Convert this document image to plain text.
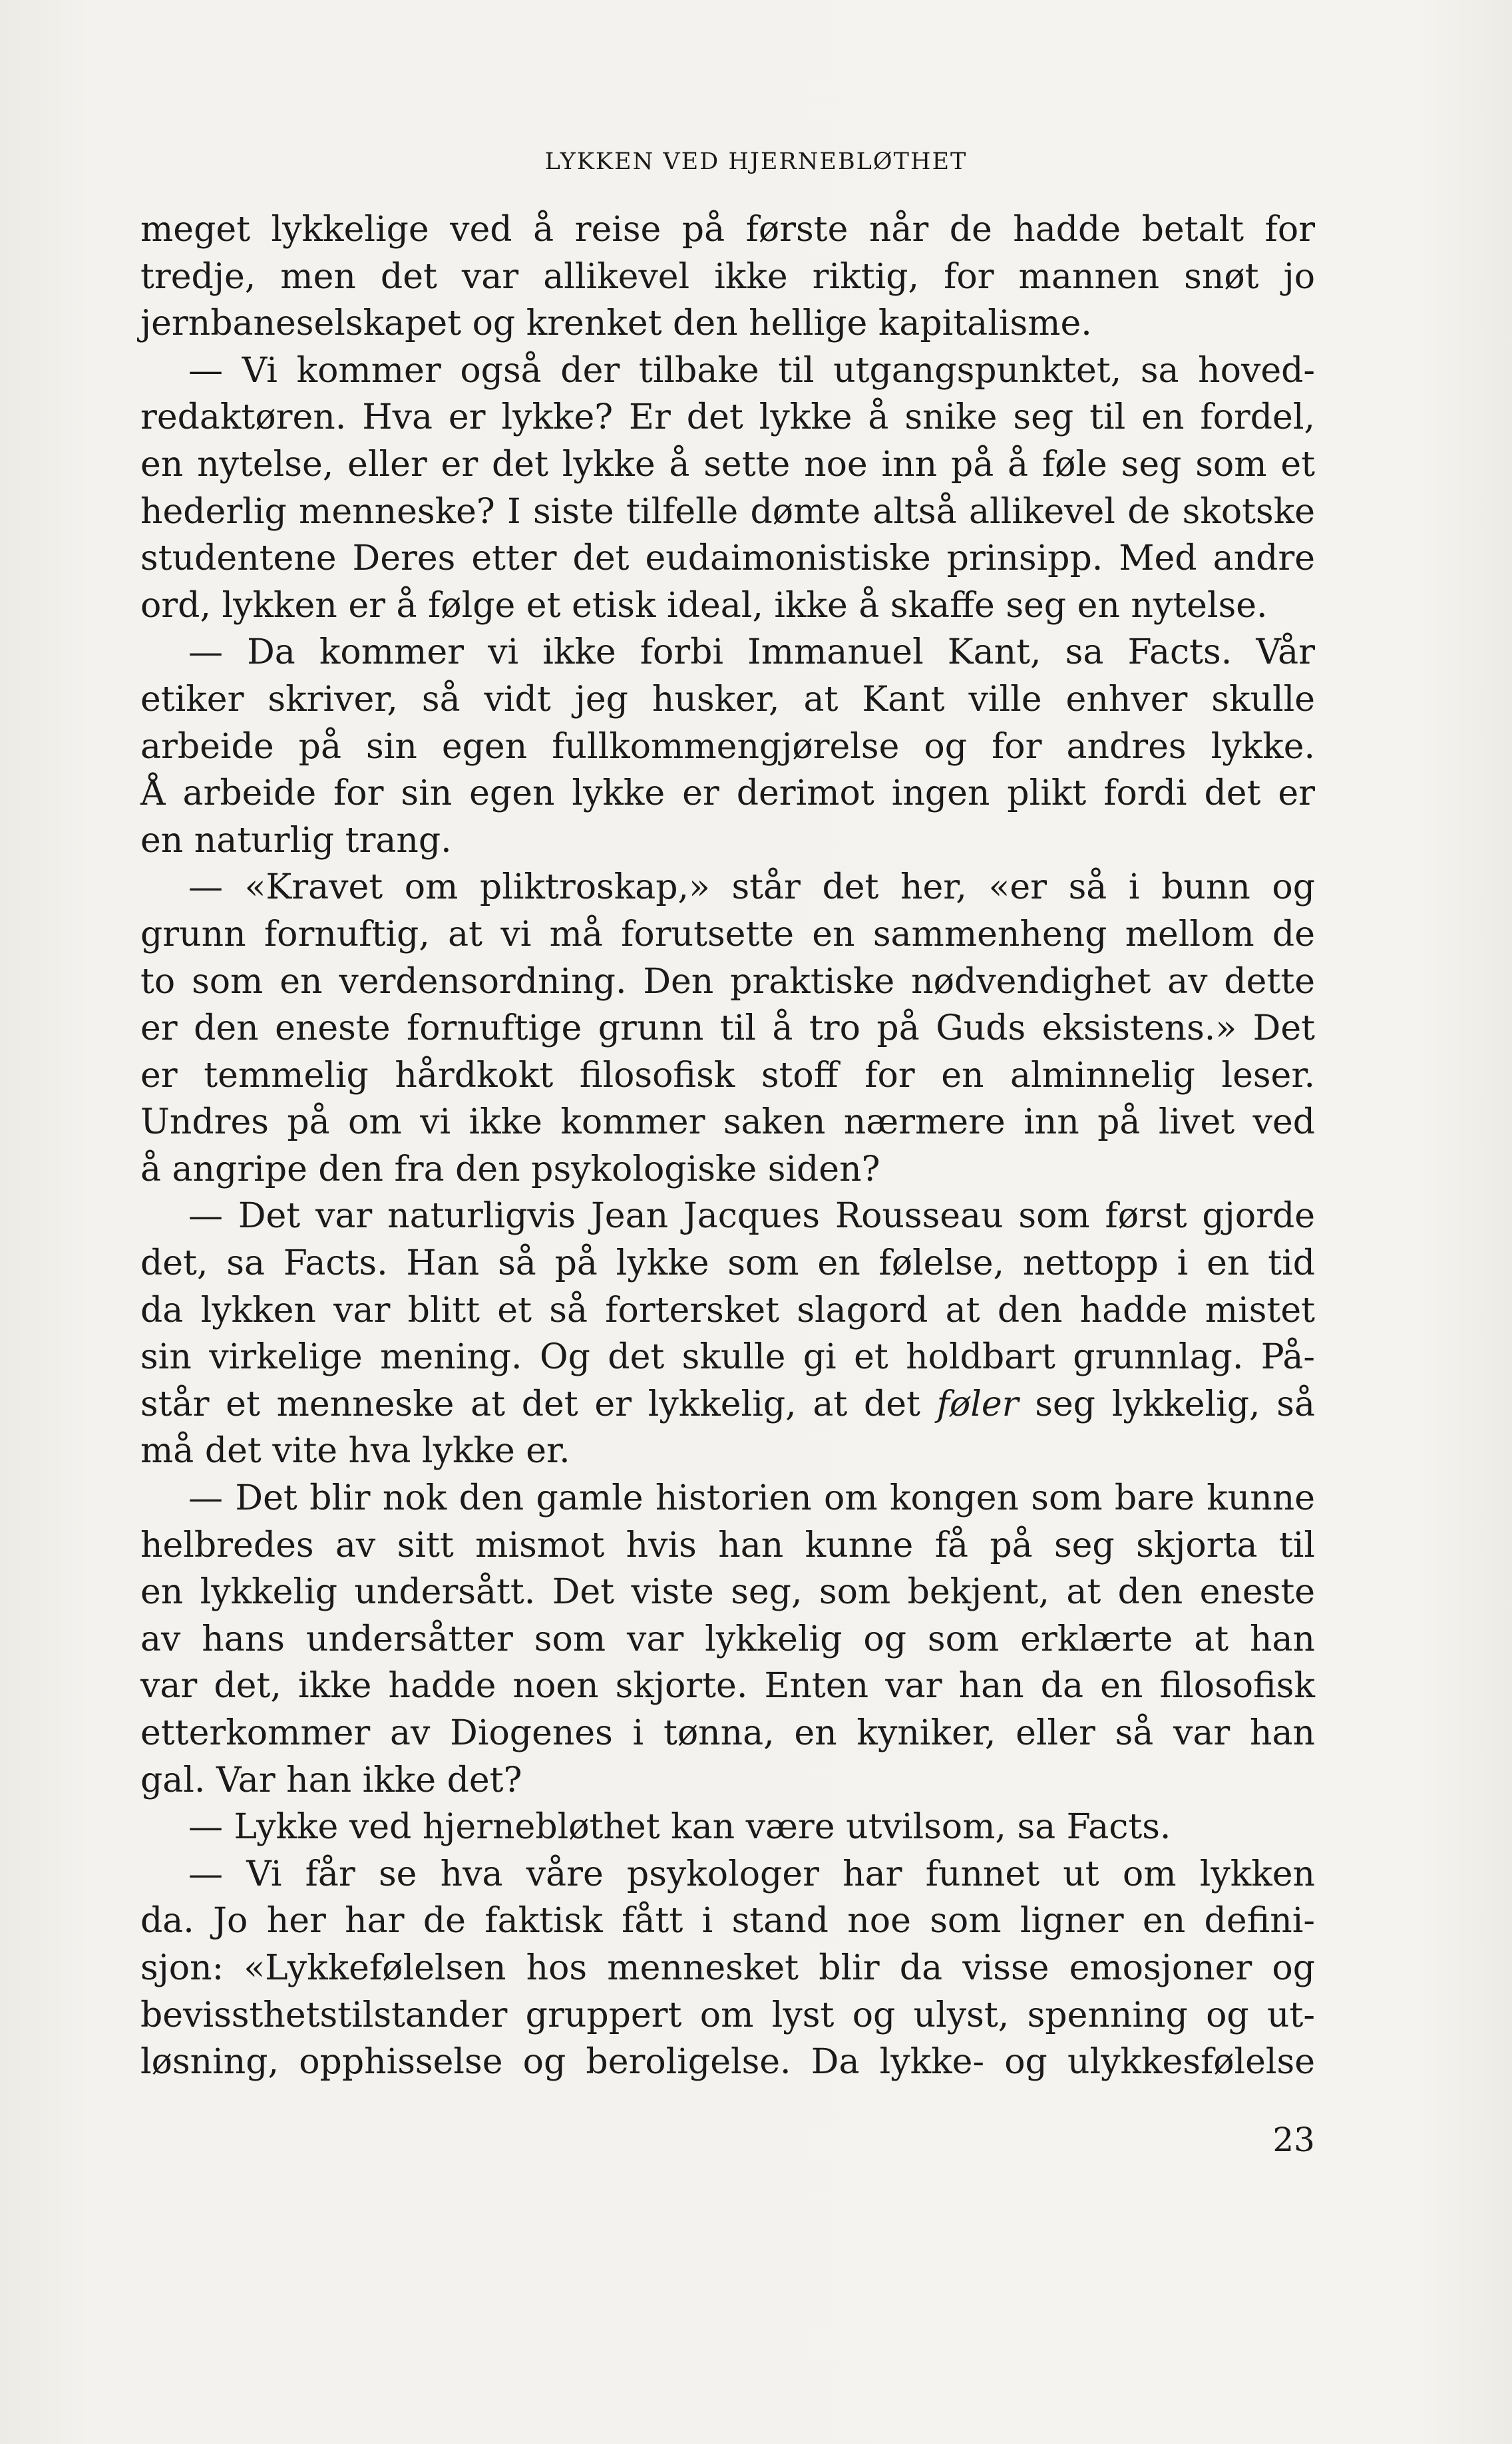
LYKKEN VED HJERNEBLØTHET
meget lykkelige ved å reise på første når de hadde betalt for
tredje, men det var allikevel ikke riktig, for mannen snøt jo
jernbaneselskapet og krenket den hellige kapitalisme.
— Vi kommer også der tilbake til utgangspunktet, sa hoved-
redaktøren. Hva er lykke? Er det lykke å snike seg til en fordel,
en nytelse, eller er det lykke å sette noe inn på å føle seg som et
hederlig menneske? I siste tilfelle dømte altså allikevel de skotske
studentene Deres etter det eudaimonistiske prinsipp. Med andre
ord, lykken er å følge et etisk ideal, ikke å skaffe seg en nytelse.
— Da kommer vi ikke forbi Immanuel Kant, sa Facts. Vår
etiker skriver, så vidt jeg husker, at Kant ville enhver skulle
arbeide på sin egen fullkommengjørelse og for andres lykke.
Å arbeide for sin egen lykke er derimot ingen plikt fordi det er
en naturlig trang.
— «Kravet om pliktroskap,» står det her, «er så i bunn og
grunn fornuftig, at vi må forutsette en sammenheng mellom de
to som en verdensordning. Den praktiske nødvendighet av dette
er den eneste fornuftige grunn til å tro på Guds eksistens.» Det
er temmelig hårdkokt filosofisk stoff for en alminnelig leser.
Undres på om vi ikke kommer saken nærmere inn på livet ved
å angripe den fra den psykologiske siden?
— Det var naturligvis Jean Jacques Rousseau som først gjorde
det, sa Facts. Han så på lykke som en følelse, nettopp i en tid
da lykken var blitt et så fortersket slagord at den hadde mistet
sin virkelige mening. Og det skulle gi et holdbart grunnlag. På-
står et menneske at det er lykkelig, at det føler seg lykkelig, så
må det vite hva lykke er.
— Det blir nok den gamle historien om kongen som bare kunne
helbredes av sitt mismot hvis han kunne få på seg skjorta til
en lykkelig undersått. Det viste seg, som bekjent, at den eneste
av hans undersåtter som var lykkelig og som erklærte at han
var det, ikke hadde noen skjorte. Enten var han da en filosofisk
etterkommer av Diogenes i tønna, en kyniker, eller så var han
gal. Var han ikke det?
— Lykke ved hjernebløthet kan være utvilsom, sa Facts.
— Vi får se hva våre psykologer har funnet ut om lykken
da. Jo her har de faktisk fått i stand noe som ligner en defini-
sjon: «Lykkefølelsen hos mennesket blir da visse emosjoner og
bevissthetstilstander gruppert om lyst og ulyst, spenning og ut-
løsning, opphisselse og beroligelse. Da lykke- og ulykkesfølelse
23
